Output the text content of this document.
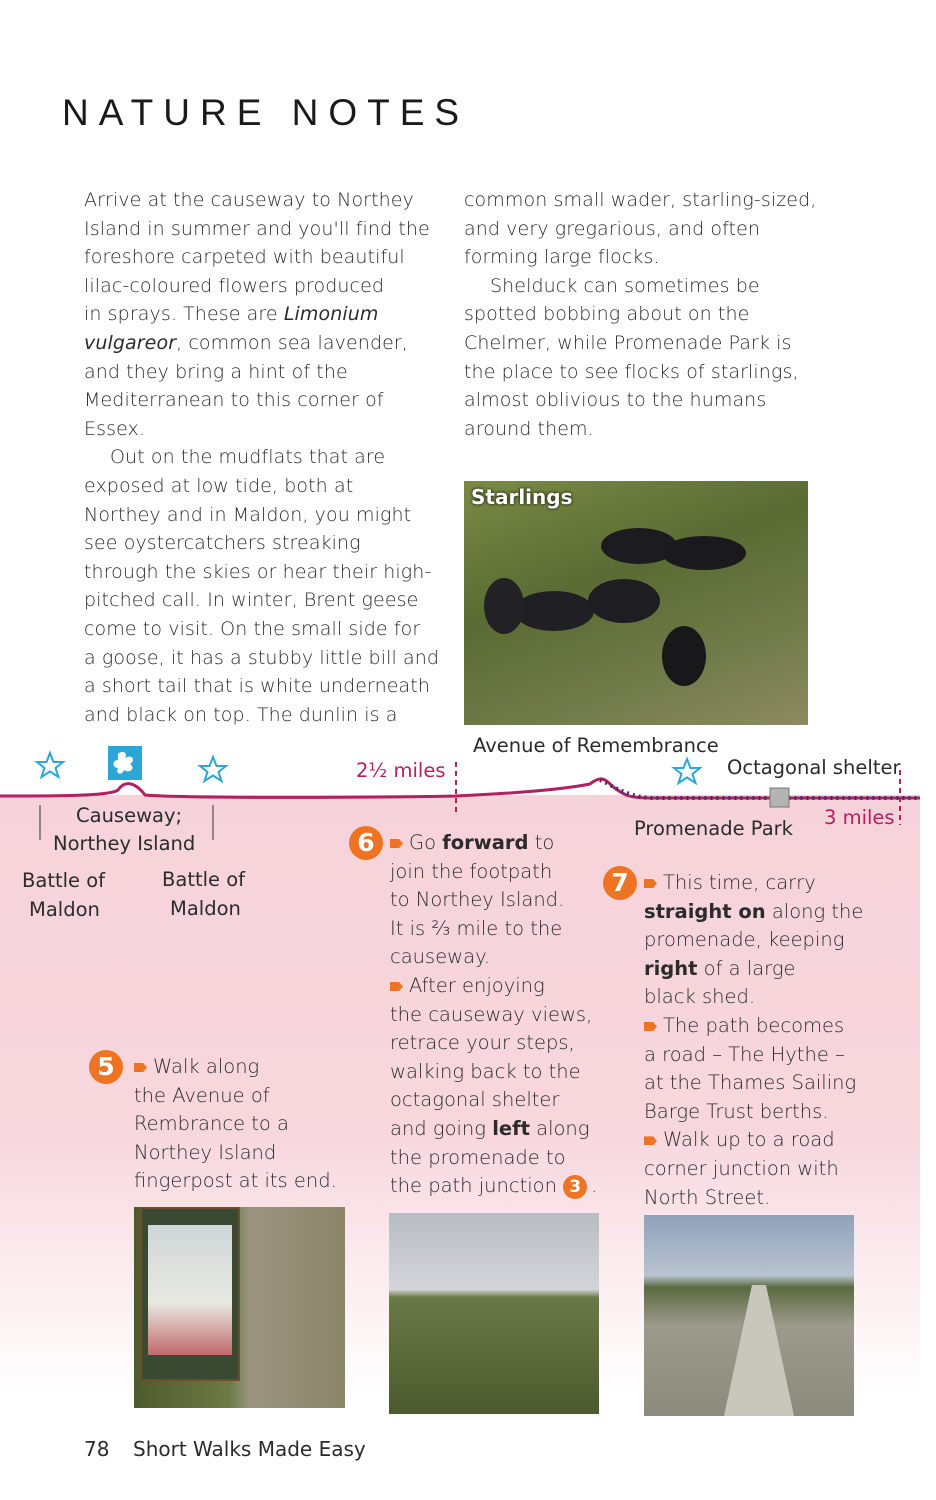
NATURE NOTES
Arrive at the causeway to Northey
Island in summer and you'll find the
foreshore carpeted with beautiful
lilac-coloured flowers produced
in sprays. These are Limonium
vulgareor, common sea lavender,
and they bring a hint of the
Mediterranean to this corner of
Essex.
Out on the mudflats that are
exposed at low tide, both at
Northey and in Maldon, you might
see oystercatchers streaking
through the skies or hear their high-
pitched call. In winter, Brent geese
come to visit. On the small side for
a goose, it has a stubby little bill and
a short tail that is white underneath
and black on top. The dunlin is a
common small wader, starling-sized,
and very gregarious, and often
forming large flocks.
Shelduck can sometimes be
spotted bobbing about on the
Chelmer, while Promenade Park is
the place to see flocks of starlings,
almost oblivious to the humans
around them.
Starlings
Avenue of Remembrance
Octagonal shelter
2½ miles
3 miles
Promenade Park
Causeway;
Northey Island
Battle of
Maldon
Battle of
Maldon
5	Walk along
the Avenue of
Rembrance to a
Northey Island
fingerpost at its end.
6	Go forward to
join the footpath
to Northey Island.
It is ⅔ mile to the
causeway.
After enjoying
the causeway views,
retrace your steps,
walking back to the
octagonal shelter
and going left along
the promenade to
the path junction 3 .
7	This time, carry
straight on along the
promenade, keeping
right of a large
black shed.
The path becomes
a road – The Hythe –
at the Thames Sailing
Barge Trust berths.
Walk up to a road
corner junction with
North Street.
78 Short Walks Made Easy
